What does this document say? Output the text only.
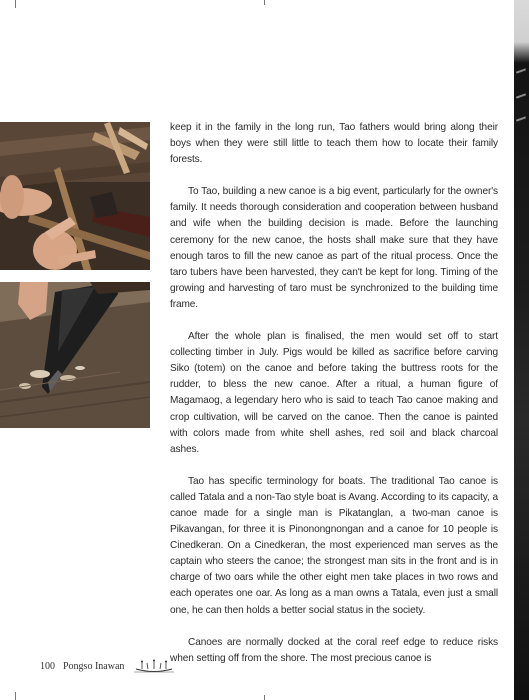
keep it in the family in the long run, Tao fathers would bring along their boys when they were still little to teach them how to locate their family forests.

To Tao, building a new canoe is a big event, particularly for the owner's family. It needs thorough consideration and cooperation between husband and wife when the building decision is made. Before the launching ceremony for the new canoe, the hosts shall make sure that they have enough taros to fill the new canoe as part of the ritual process. Once the taro tubers have been harvested, they can't be kept for long. Timing of the growing and harvesting of taro must be synchronized to the building time frame.

After the whole plan is finalised, the men would set off to start collecting timber in July. Pigs would be killed as sacrifice before carving Siko (totem) on the canoe and before taking the buttress roots for the rudder, to bless the new canoe. After a ritual, a human figure of Magamaog, a legendary hero who is said to teach Tao canoe making and crop cultivation, will be carved on the canoe. Then the canoe is painted with colors made from white shell ashes, red soil and black charcoal ashes.

Tao has specific terminology for boats. The traditional Tao canoe is called Tatala and a non-Tao style boat is Avang. According to its capacity, a canoe made for a single man is Pikatanglan, a two-man canoe is Pikavangan, for three it is Pinonongnongan and a canoe for 10 people is Cinedkeran. On a Cinedkeran, the most experienced man serves as the captain who steers the canoe; the strongest man sits in the front and is in charge of two oars while the other eight men take places in two rows and each operates one oar. As long as a man owns a Tatala, even just a small one, he can then holds a better social status in the society.

Canoes are normally docked at the coral reef edge to reduce risks when setting off from the shore. The most precious canoe is

100 Pongso Inawan
